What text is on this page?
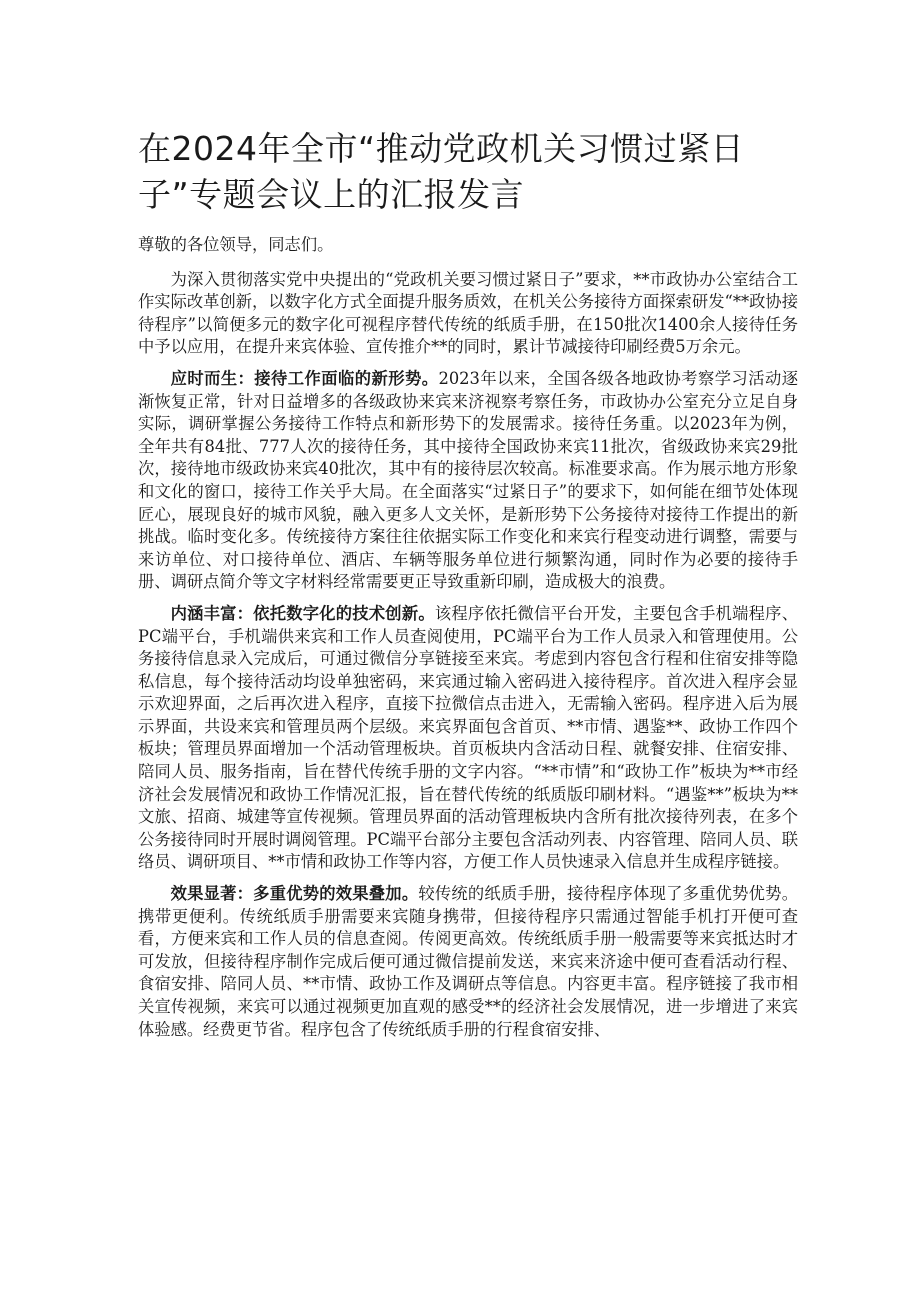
在2024年全市“推动党政机关习惯过紧日子”专题会议上的汇报发言

尊敬的各位领导，同志们。

为深入贯彻落实党中央提出的“党政机关要习惯过紧日子”要求，**市政协办公室结合工作实际改革创新，以数字化方式全面提升服务质效，在机关公务接待方面探索研发“**政协接待程序”以简便多元的数字化可视程序替代传统的纸质手册，在150批次1400余人接待任务中予以应用，在提升来宾体验、宣传推介**的同时，累计节减接待印刷经费5万余元。

应时而生：接待工作面临的新形势。2023年以来，全国各级各地政协考察学习活动逐渐恢复正常，针对日益增多的各级政协来宾来济视察考察任务，市政协办公室充分立足自身实际，调研掌握公务接待工作特点和新形势下的发展需求。接待任务重。以2023年为例，全年共有84批、777人次的接待任务，其中接待全国政协来宾11批次，省级政协来宾29批次，接待地市级政协来宾40批次，其中有的接待层次较高。标准要求高。作为展示地方形象和文化的窗口，接待工作关乎大局。在全面落实“过紧日子”的要求下，如何能在细节处体现匠心，展现良好的城市风貌，融入更多人文关怀，是新形势下公务接待对接待工作提出的新挑战。临时变化多。传统接待方案往往依据实际工作变化和来宾行程变动进行调整，需要与来访单位、对口接待单位、酒店、车辆等服务单位进行频繁沟通，同时作为必要的接待手册、调研点简介等文字材料经常需要更正导致重新印刷，造成极大的浪费。

内涵丰富：依托数字化的技术创新。该程序依托微信平台开发，主要包含手机端程序、PC端平台，手机端供来宾和工作人员查阅使用，PC端平台为工作人员录入和管理使用。公务接待信息录入完成后，可通过微信分享链接至来宾。考虑到内容包含行程和住宿安排等隐私信息，每个接待活动均设单独密码，来宾通过输入密码进入接待程序。首次进入程序会显示欢迎界面，之后再次进入程序，直接下拉微信点击进入，无需输入密码。程序进入后为展示界面，共设来宾和管理员两个层级。来宾界面包含首页、**市情、遇鉴**、政协工作四个板块；管理员界面增加一个活动管理板块。首页板块内含活动日程、就餐安排、住宿安排、陪同人员、服务指南，旨在替代传统手册的文字内容。“**市情”和“政协工作”板块为**市经济社会发展情况和政协工作情况汇报，旨在替代传统的纸质版印刷材料。“遇鉴**”板块为**文旅、招商、城建等宣传视频。管理员界面的活动管理板块内含所有批次接待列表，在多个公务接待同时开展时调阅管理。PC端平台部分主要包含活动列表、内容管理、陪同人员、联络员、调研项目、**市情和政协工作等内容，方便工作人员快速录入信息并生成程序链接。

效果显著：多重优势的效果叠加。较传统的纸质手册，接待程序体现了多重优势优势。携带更便利。传统纸质手册需要来宾随身携带，但接待程序只需通过智能手机打开便可查看，方便来宾和工作人员的信息查阅。传阅更高效。传统纸质手册一般需要等来宾抵达时才可发放，但接待程序制作完成后便可通过微信提前发送，来宾来济途中便可查看活动行程、食宿安排、陪同人员、**市情、政协工作及调研点等信息。内容更丰富。程序链接了我市相关宣传视频，来宾可以通过视频更加直观的感受**的经济社会发展情况，进一步增进了来宾体验感。经费更节省。程序包含了传统纸质手册的行程食宿安排、
